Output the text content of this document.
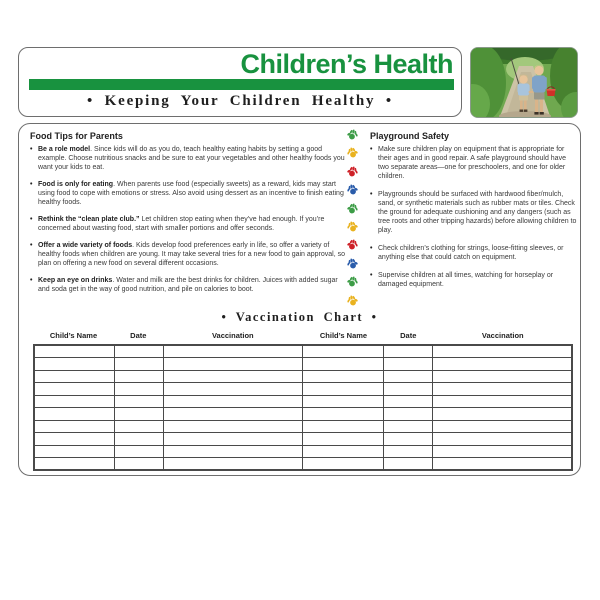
Children’s Health
• Keeping Your Children Healthy •
Food Tips for Parents
• Be a role model. Since kids will do as you do, teach healthy eating habits by setting a good example. Choose nutritious snacks and be sure to eat your vegetables and other healthy foods you want your kids to eat.
• Food is only for eating. When parents use food (especially sweets) as a reward, kids may start using food to cope with emotions or stress. Also avoid using dessert as an incentive to finish eating healthy foods.
• Rethink the “clean plate club.” Let children stop eating when they’ve had enough. If you’re concerned about wasting food, start with smaller portions and offer seconds.
• Offer a wide variety of foods. Kids develop food preferences early in life, so offer a variety of healthy foods when children are young. It may take several tries for a new food to gain approval, so plan on offering a new food on several different occasions.
• Keep an eye on drinks. Water and milk are the best drinks for children. Juices with added sugar and soda get in the way of good nutrition, and pile on calories to boot.
Playground Safety
• Make sure children play on equipment that is appropriate for their ages and in good repair. A safe playground should have two separate areas—one for preschoolers, and one for older children.
• Playgrounds should be surfaced with hardwood fiber/mulch, sand, or synthetic materials such as rubber mats or tiles. Check the ground for adequate cushioning and any dangers (such as tree roots and other tripping hazards) before allowing children to play.
• Check children’s clothing for strings, loose-fitting sleeves, or anything else that could catch on equipment.
• Supervise children at all times, watching for horseplay or damaged equipment.
• Vaccination Chart •
Child’s Name	Date	Vaccination	Child’s Name	Date	Vaccination
